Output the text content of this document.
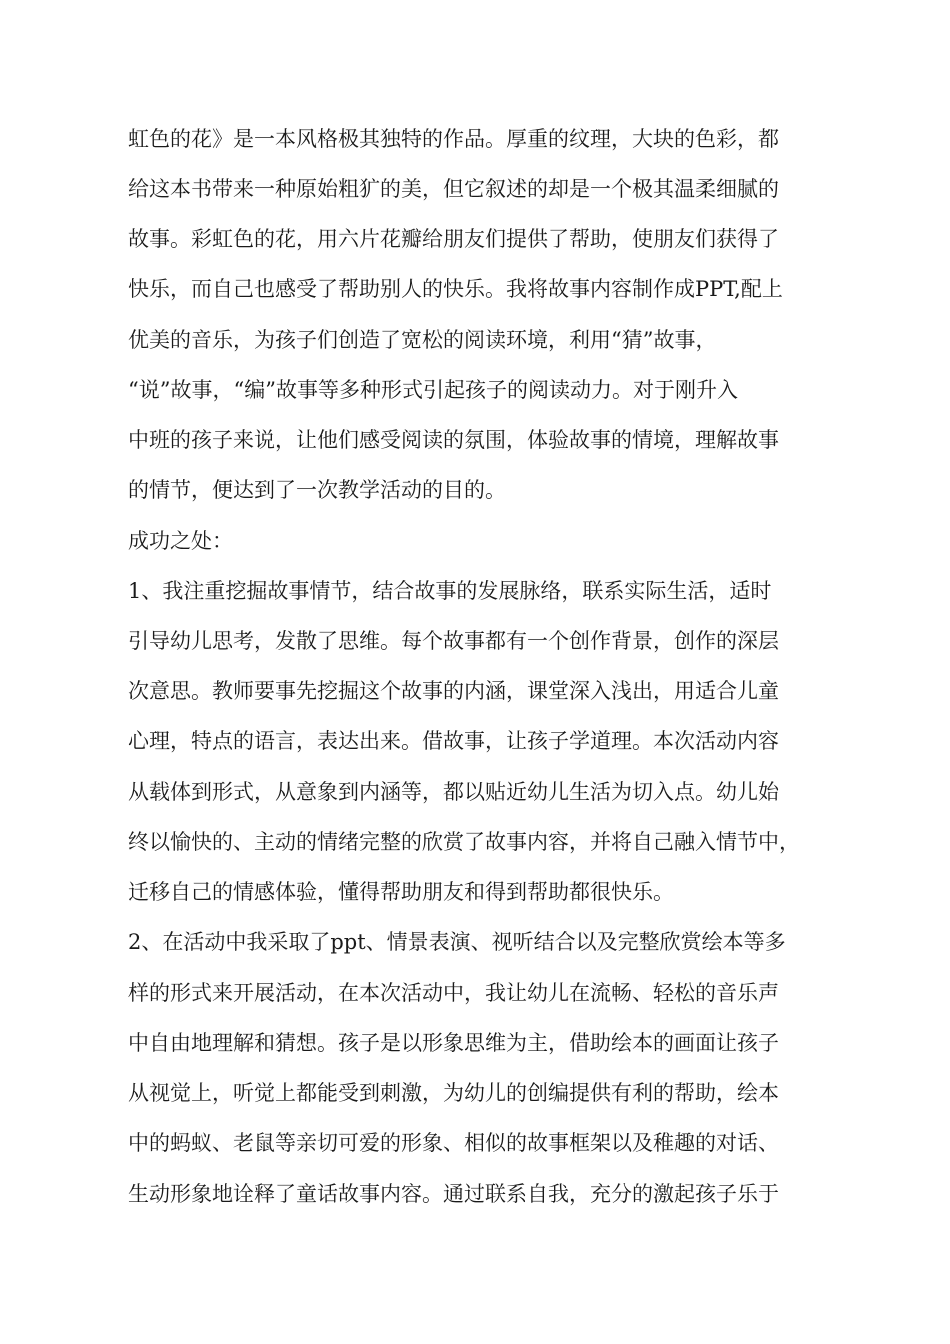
虹色的花》是一本风格极其独特的作品。厚重的纹理，大块的色彩，都
给这本书带来一种原始粗犷的美，但它叙述的却是一个极其温柔细腻的
故事。彩虹色的花，用六片花瓣给朋友们提供了帮助，使朋友们获得了
快乐，而自己也感受了帮助别人的快乐。我将故事内容制作成PPT,配上
优美的音乐，为孩子们创造了宽松的阅读环境，利用“猜”故事，
“说”故事，“编”故事等多种形式引起孩子的阅读动力。对于刚升入
中班的孩子来说，让他们感受阅读的氛围，体验故事的情境，理解故事
的情节，便达到了一次教学活动的目的。
成功之处：
1、我注重挖掘故事情节，结合故事的发展脉络，联系实际生活，适时
引导幼儿思考，发散了思维。每个故事都有一个创作背景，创作的深层
次意思。教师要事先挖掘这个故事的内涵，课堂深入浅出，用适合儿童
心理，特点的语言，表达出来。借故事，让孩子学道理。本次活动内容
从载体到形式，从意象到内涵等，都以贴近幼儿生活为切入点。幼儿始
终以愉快的、主动的情绪完整的欣赏了故事内容，并将自己融入情节中，
迁移自己的情感体验，懂得帮助朋友和得到帮助都很快乐。
2、在活动中我采取了ppt、情景表演、视听结合以及完整欣赏绘本等多
样的形式来开展活动，在本次活动中，我让幼儿在流畅、轻松的音乐声
中自由地理解和猜想。孩子是以形象思维为主，借助绘本的画面让孩子
从视觉上，听觉上都能受到刺激，为幼儿的创编提供有利的帮助，绘本
中的蚂蚁、老鼠等亲切可爱的形象、相似的故事框架以及稚趣的对话、
生动形象地诠释了童话故事内容。通过联系自我，充分的激起孩子乐于
